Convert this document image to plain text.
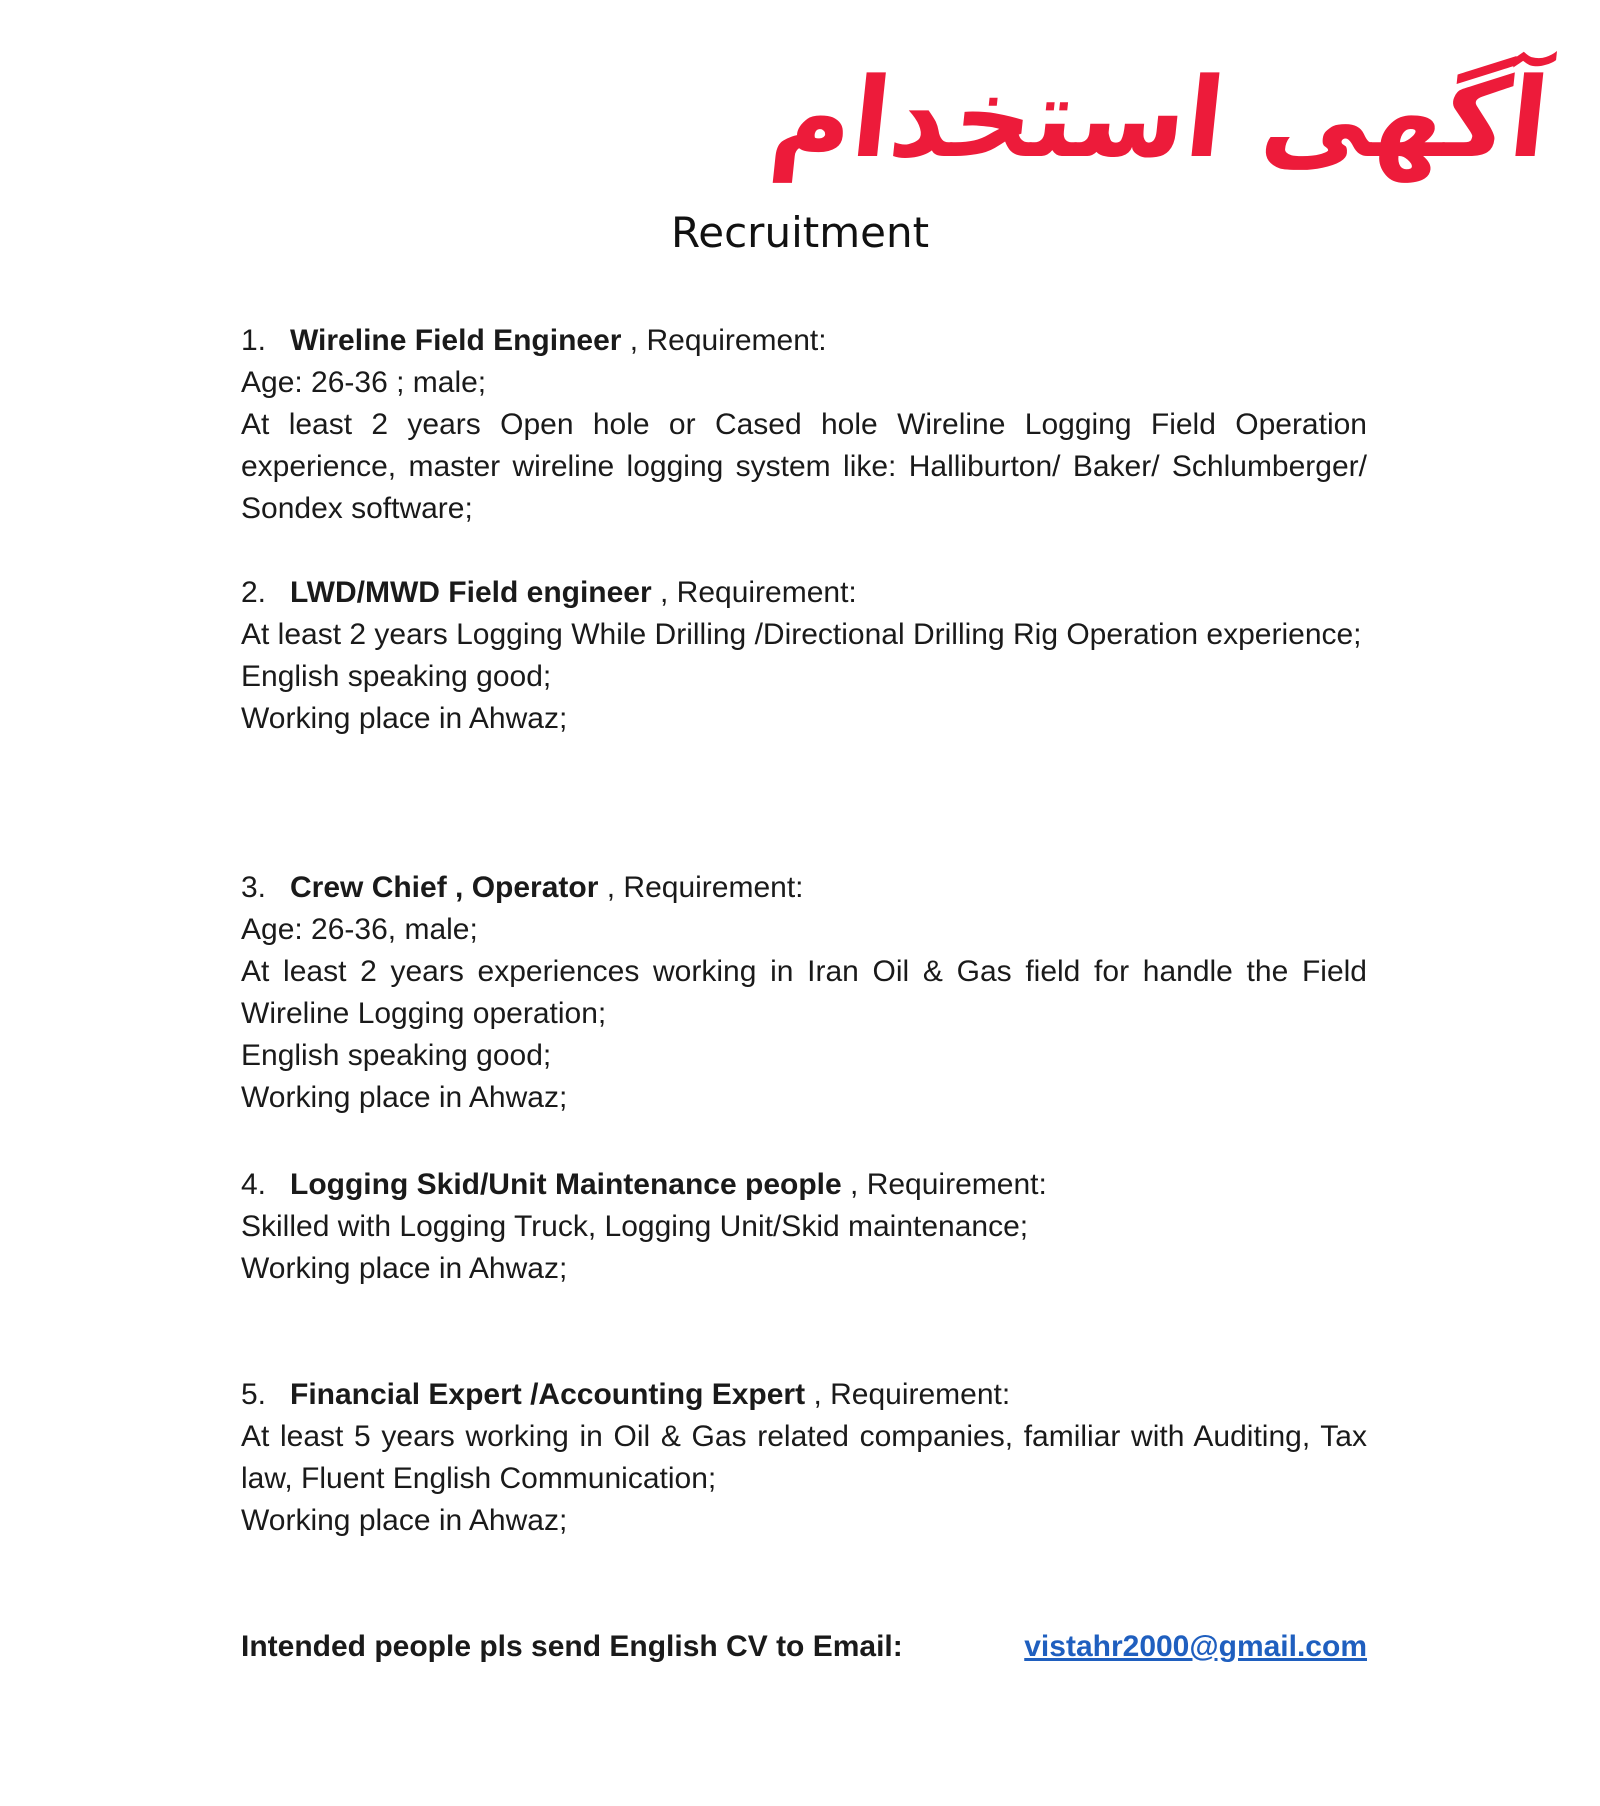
آگهی استخدام
Recruitment

1. Wireline Field Engineer , Requirement:

Age: 26-36 ; male;

At least 2 years Open hole or Cased hole Wireline Logging Field Operation experience, master wireline logging system like: Halliburton/ Baker/ Schlumberger/ Sondex software;

2. LWD/MWD Field engineer , Requirement:

At least 2 years Logging While Drilling /Directional Drilling Rig Operation experience;

English speaking good;

Working place in Ahwaz;

3. Crew Chief , Operator , Requirement:

Age: 26-36, male;

At least 2 years experiences working in Iran Oil & Gas field for handle the Field Wireline Logging operation;

English speaking good;

Working place in Ahwaz;

4. Logging Skid/Unit Maintenance people , Requirement:

Skilled with Logging Truck, Logging Unit/Skid maintenance;

Working place in Ahwaz;

5. Financial Expert /Accounting Expert , Requirement:

At least 5 years working in Oil & Gas related companies, familiar with Auditing, Tax law, Fluent English Communication;

Working place in Ahwaz;

Intended people pls send English CV to Email:	vistahr2000@gmail.com
